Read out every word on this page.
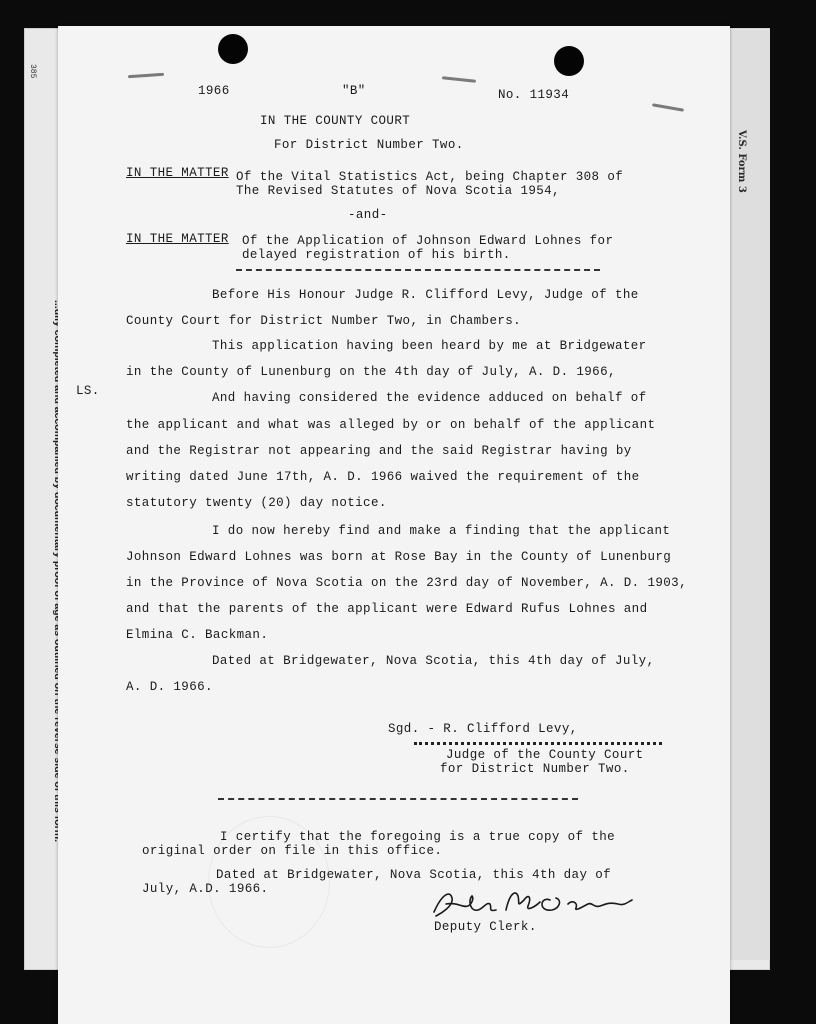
V.S. Form 3
385
1966	"B"	No. 11934
IN THE COUNTY COURT
For District Number Two.
IN THE MATTER Of the Vital Statistics Act, being Chapter 308 of
The Revised Statutes of Nova Scotia 1954,
-and-
IN THE MATTER Of the Application of Johnson Edward Lohnes for
delayed registration of his birth.
LS.
Before His Honour Judge R. Clifford Levy, Judge of the
County Court for District Number Two, in Chambers.
This application having been heard by me at Bridgewater
in the County of Lunenburg on the 4th day of July, A. D. 1966,
And having considered the evidence adduced on behalf of
the applicant and what was alleged by or on behalf of the applicant
and the Registrar not appearing and the said Registrar having by
writing dated June 17th, A. D. 1966 waived the requirement of the
statutory twenty (20) day notice.
I do now hereby find and make a finding that the applicant
Johnson Edward Lohnes was born at Rose Bay in the County of Lunenburg
in the Province of Nova Scotia on the 23rd day of November, A. D. 1903,
and that the parents of the applicant were Edward Rufus Lohnes and
Elmina C. Backman.
Dated at Bridgewater, Nova Scotia, this 4th day of July,
A. D. 1966.
Sgd. - R. Clifford Levy,
Judge of the County Court
for District Number Two.
I certify that the foregoing is a true copy of the
original order on file in this office.
Dated at Bridgewater, Nova Scotia, this 4th day of
July, A.D. 1966.
Deputy Clerk.
